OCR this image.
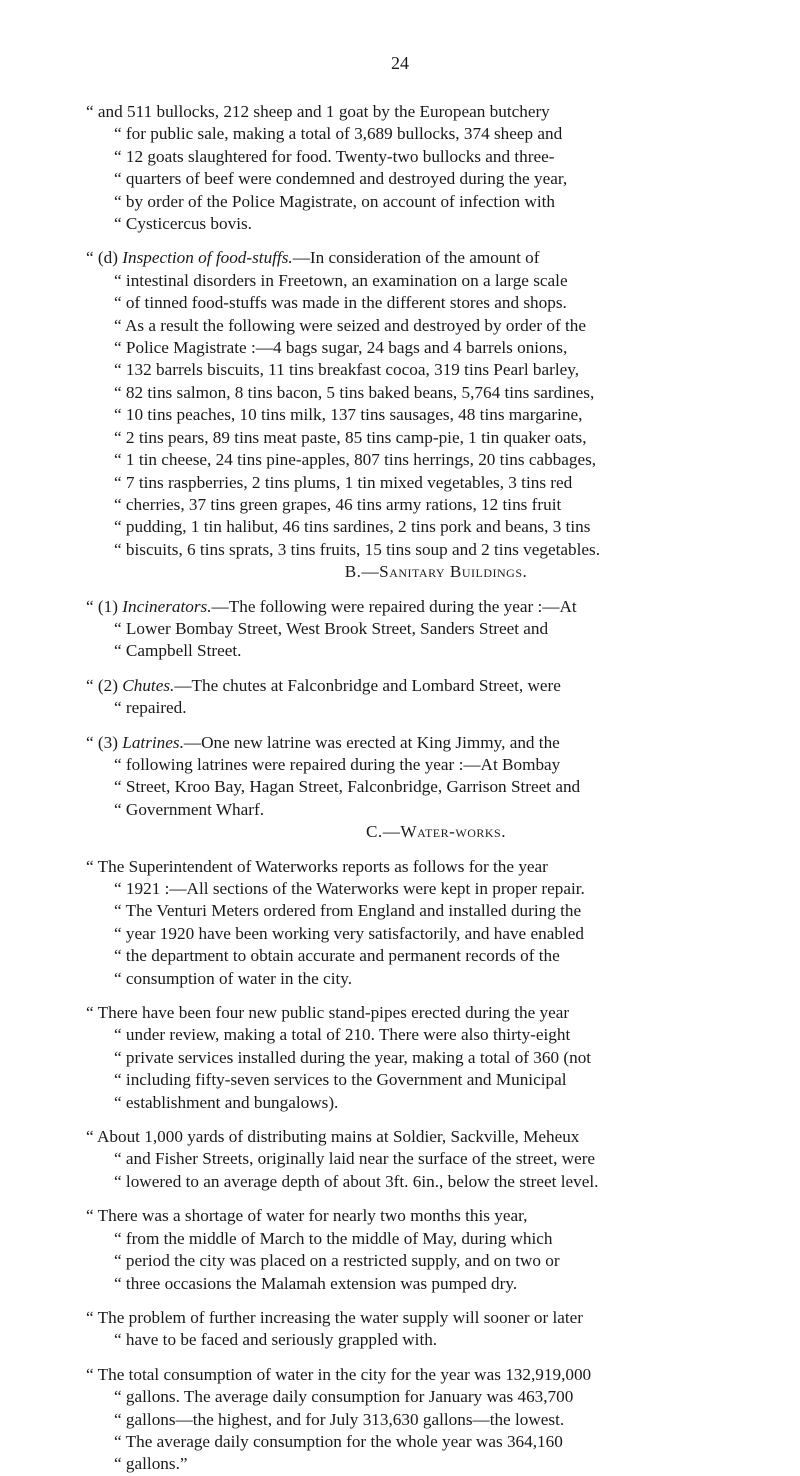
24
“ and 511 bullocks, 212 sheep and 1 goat by the European butchery
“ for public sale, making a total of 3,689 bullocks, 374 sheep and
“ 12 goats slaughtered for food. Twenty-two bullocks and three-
“ quarters of beef were condemned and destroyed during the year,
“ by order of the Police Magistrate, on account of infection with
“ Cysticercus bovis.
“ (d) Inspection of food-stuffs.—In consideration of the amount of
“ intestinal disorders in Freetown, an examination on a large scale
“ of tinned food-stuffs was made in the different stores and shops.
“ As a result the following were seized and destroyed by order of the
“ Police Magistrate :—4 bags sugar, 24 bags and 4 barrels onions,
“ 132 barrels biscuits, 11 tins breakfast cocoa, 319 tins Pearl barley,
“ 82 tins salmon, 8 tins bacon, 5 tins baked beans, 5,764 tins sardines,
“ 10 tins peaches, 10 tins milk, 137 tins sausages, 48 tins margarine,
“ 2 tins pears, 89 tins meat paste, 85 tins camp-pie, 1 tin quaker oats,
“ 1 tin cheese, 24 tins pine-apples, 807 tins herrings, 20 tins cabbages,
“ 7 tins raspberries, 2 tins plums, 1 tin mixed vegetables, 3 tins red
“ cherries, 37 tins green grapes, 46 tins army rations, 12 tins fruit
“ pudding, 1 tin halibut, 46 tins sardines, 2 tins pork and beans, 3 tins
“ biscuits, 6 tins sprats, 3 tins fruits, 15 tins soup and 2 tins vegetables.
B.—Sanitary Buildings.
“ (1) Incinerators.—The following were repaired during the year :—At
“ Lower Bombay Street, West Brook Street, Sanders Street and
“ Campbell Street.
“ (2) Chutes.—The chutes at Falconbridge and Lombard Street, were
“ repaired.
“ (3) Latrines.—One new latrine was erected at King Jimmy, and the
“ following latrines were repaired during the year :—At Bombay
“ Street, Kroo Bay, Hagan Street, Falconbridge, Garrison Street and
“ Government Wharf.
C.—Water-works.
“ The Superintendent of Waterworks reports as follows for the year
“ 1921 :—All sections of the Waterworks were kept in proper repair.
“ The Venturi Meters ordered from England and installed during the
“ year 1920 have been working very satisfactorily, and have enabled
“ the department to obtain accurate and permanent records of the
“ consumption of water in the city.
“ There have been four new public stand-pipes erected during the year
“ under review, making a total of 210. There were also thirty-eight
“ private services installed during the year, making a total of 360 (not
“ including fifty-seven services to the Government and Municipal
“ establishment and bungalows).
“ About 1,000 yards of distributing mains at Soldier, Sackville, Meheux
“ and Fisher Streets, originally laid near the surface of the street, were
“ lowered to an average depth of about 3ft. 6in., below the street level.
“ There was a shortage of water for nearly two months this year,
“ from the middle of March to the middle of May, during which
“ period the city was placed on a restricted supply, and on two or
“ three occasions the Malamah extension was pumped dry.
“ The problem of further increasing the water supply will sooner or later
“ have to be faced and seriously grappled with.
“ The total consumption of water in the city for the year was 132,919,000
“ gallons. The average daily consumption for January was 463,700
“ gallons—the highest, and for July 313,630 gallons—the lowest.
“ The average daily consumption for the whole year was 364,160
“ gallons.”
